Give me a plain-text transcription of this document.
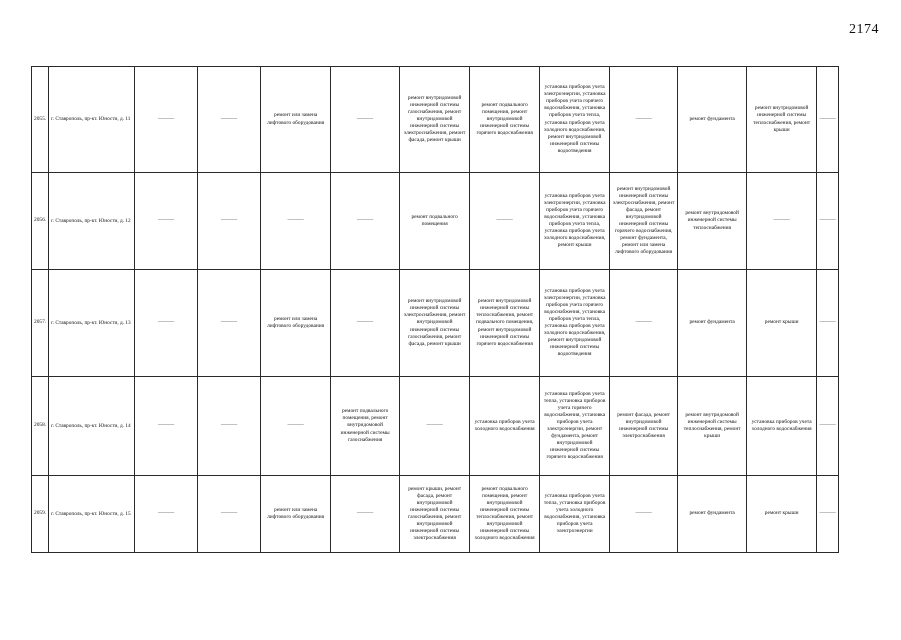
2174
2055.	г. Ставрополь, пр-кт. Юности, д. 11	———	———	ремонт или замена лифтового оборудования	———	ремонт внутридомовой инженерной системы газоснабжения, ремонт внутридомовой инженерной системы электроснабжения, ремонт фасада, ремонт крыши	ремонт подвального помещения, ремонт внутридомовой инженерной системы горячего водоснабжения	установка приборов учета электроэнергии, установка приборов учета горячего водоснабжения, установка приборов учета тепла, установка приборов учета холодного водоснабжения, ремонт внутридомовой инженерной системы водоотведения	———	ремонт фундамента	ремонт внутридомовой инженерной системы теплоснабжения, ремонт крыши	———
2056.	г. Ставрополь, пр-кт. Юности, д. 12	———	———	———	———	ремонт подвального помещения	———	установка приборов учета электроэнергии, установка приборов учета горячего водоснабжения, установка приборов учета тепла, установка приборов учета холодного водоснабжения, ремонт крыши	ремонт внутридомовой инженерной системы электроснабжения, ремонт фасада, ремонт внутридомовой инженерной системы горячего водоснабжения, ремонт фундамента, ремонт или замена лифтового оборудования	ремонт внутридомовой инженерной системы теплоснабжения	———	———
2057.	г. Ставрополь, пр-кт. Юности, д. 13	———	———	ремонт или замена лифтового оборудования	———	ремонт внутридомовой инженерной системы электроснабжения, ремонт внутридомовой инженерной системы газоснабжения, ремонт фасада, ремонт крыши	ремонт внутридомовой инженерной системы теплоснабжения, ремонт подвального помещения, ремонт внутридомовой инженерной системы горячего водоснабжения	установка приборов учета электроэнергии, установка приборов учета горячего водоснабжения, установка приборов учета тепла, установка приборов учета холодного водоснабжения, ремонт внутридомовой инженерной системы водоотведения	———	ремонт фундамента	ремонт крыши	———
2058.	г. Ставрополь, пр-кт. Юности, д. 14	———	———	———	ремонт подвального помещения, ремонт внутридомовой инженерной системы газоснабжения	———	установка приборов учета холодного водоснабжения	установка приборов учета тепла, установка приборов учета горячего водоснабжения, установка приборов учета электроэнергии, ремонт фундамента, ремонт внутридомовой инженерной системы горячего водоснабжения	ремонт фасада, ремонт внутридомовой инженерной системы электроснабжения	ремонт внутридомовой инженерной системы теплоснабжения, ремонт крыши	установка приборов учета холодного водоснабжения	———
2059.	г. Ставрополь, пр-кт. Юности, д. 15	———	———	ремонт или замена лифтового оборудования	———	ремонт крыши, ремонт фасада, ремонт внутридомовой инженерной системы газоснабжения, ремонт внутридомовой инженерной системы электроснабжения	ремонт подвального помещения, ремонт внутридомовой инженерной системы теплоснабжения, ремонт внутридомовой инженерной системы холодного водоснабжения	установка приборов учета тепла, установка приборов учета холодного водоснабжения, установка приборов учета электроэнергии	———	ремонт фундамента	ремонт крыши	———
